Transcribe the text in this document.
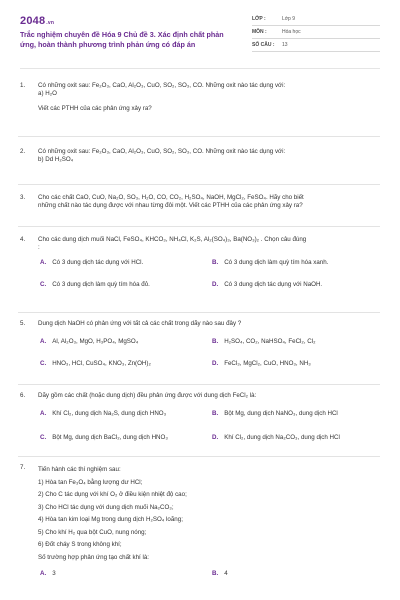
2048.vn
Trắc nghiệm chuyên đề Hóa 9 Chủ đề 3. Xác định chất phản ứng, hoàn thành phương trình phản ứng có đáp án
LỚP :	Lớp 9
MÔN :	Hóa học
SỐ CÂU :	13
1.	Có những oxit sau: Fe₂O₃, CaO, Al₂O₃, CuO, SO₂, SO₃, CO. Những oxit nào tác dụng với:
a) H₂O
Viết các PTHH của các phản ứng xảy ra?
2.	Có những oxit sau: Fe₂O₃, CaO, Al₂O₃, CuO, SO₂, SO₃, CO. Những oxit nào tác dụng với:
b) Dd H₂SO₄
3.	Cho các chất CaO, CuO, Na₂O, SO₃, H₂O, CO, CO₂, H₂SO₄, NaOH, MgCl₂, FeSO₄. Hãy cho biết
những chất nào tác dụng được với nhau từng đôi một. Viết các PTHH của các phản ứng xảy ra?
4.	Cho các dung dịch muối NaCl, FeSO₄, KHCO₃, NH₄Cl, K₂S, Al₂(SO₄)₃, Ba(NO₃)₂ . Chọn câu đúng
:
A. Có 3 dung dịch tác dụng với HCl.	B. Có 3 dung dịch làm quỳ tím hóa xanh.
C. Có 3 dung dịch làm quỳ tím hóa đỏ.	D. Có 3 dung dịch tác dụng với NaOH.
5.	Dung dịch NaOH có phản ứng với tất cả các chất trong dãy nào sau đây ?
A. Al, Al₂O₃, MgO, H₃PO₄, MgSO₄	B. H₂SO₄, CO₂, NaHSO₄, FeCl₂, Cl₂
C. HNO₃, HCl, CuSO₄, KNO₃, Zn(OH)₂	D. FeCl₃, MgCl₂, CuO, HNO₃, NH₃
6.	Dãy gồm các chất (hoặc dung dịch) đều phản ứng được với dung dịch FeCl₂ là:
A. Khí Cl₂, dung dịch Na₂S, dung dịch HNO₃	B. Bột Mg, dung dịch NaNO₃, dung dịch HCl
C. Bột Mg, dung dịch BaCl₂, dung dịch HNO₃	D. Khí Cl₂, dung dịch Na₂CO₃, dung dịch HCl
7.	Tiến hành các thí nghiệm sau:
1) Hòa tan Fe₃O₄ bằng lượng dư HCl;
2) Cho C tác dụng với khí O₂ ở điều kiện nhiệt độ cao;
3) Cho HCl tác dụng với dung dịch muối Na₂CO₃;
4) Hòa tan kim loại Mg trong dung dịch H₂SO₄ loãng;
5) Cho khí H₂ qua bột CuO, nung nóng;
6) Đốt cháy S trong không khí;
Số trường hợp phản ứng tạo chất khí là:
A. 3	B. 4
